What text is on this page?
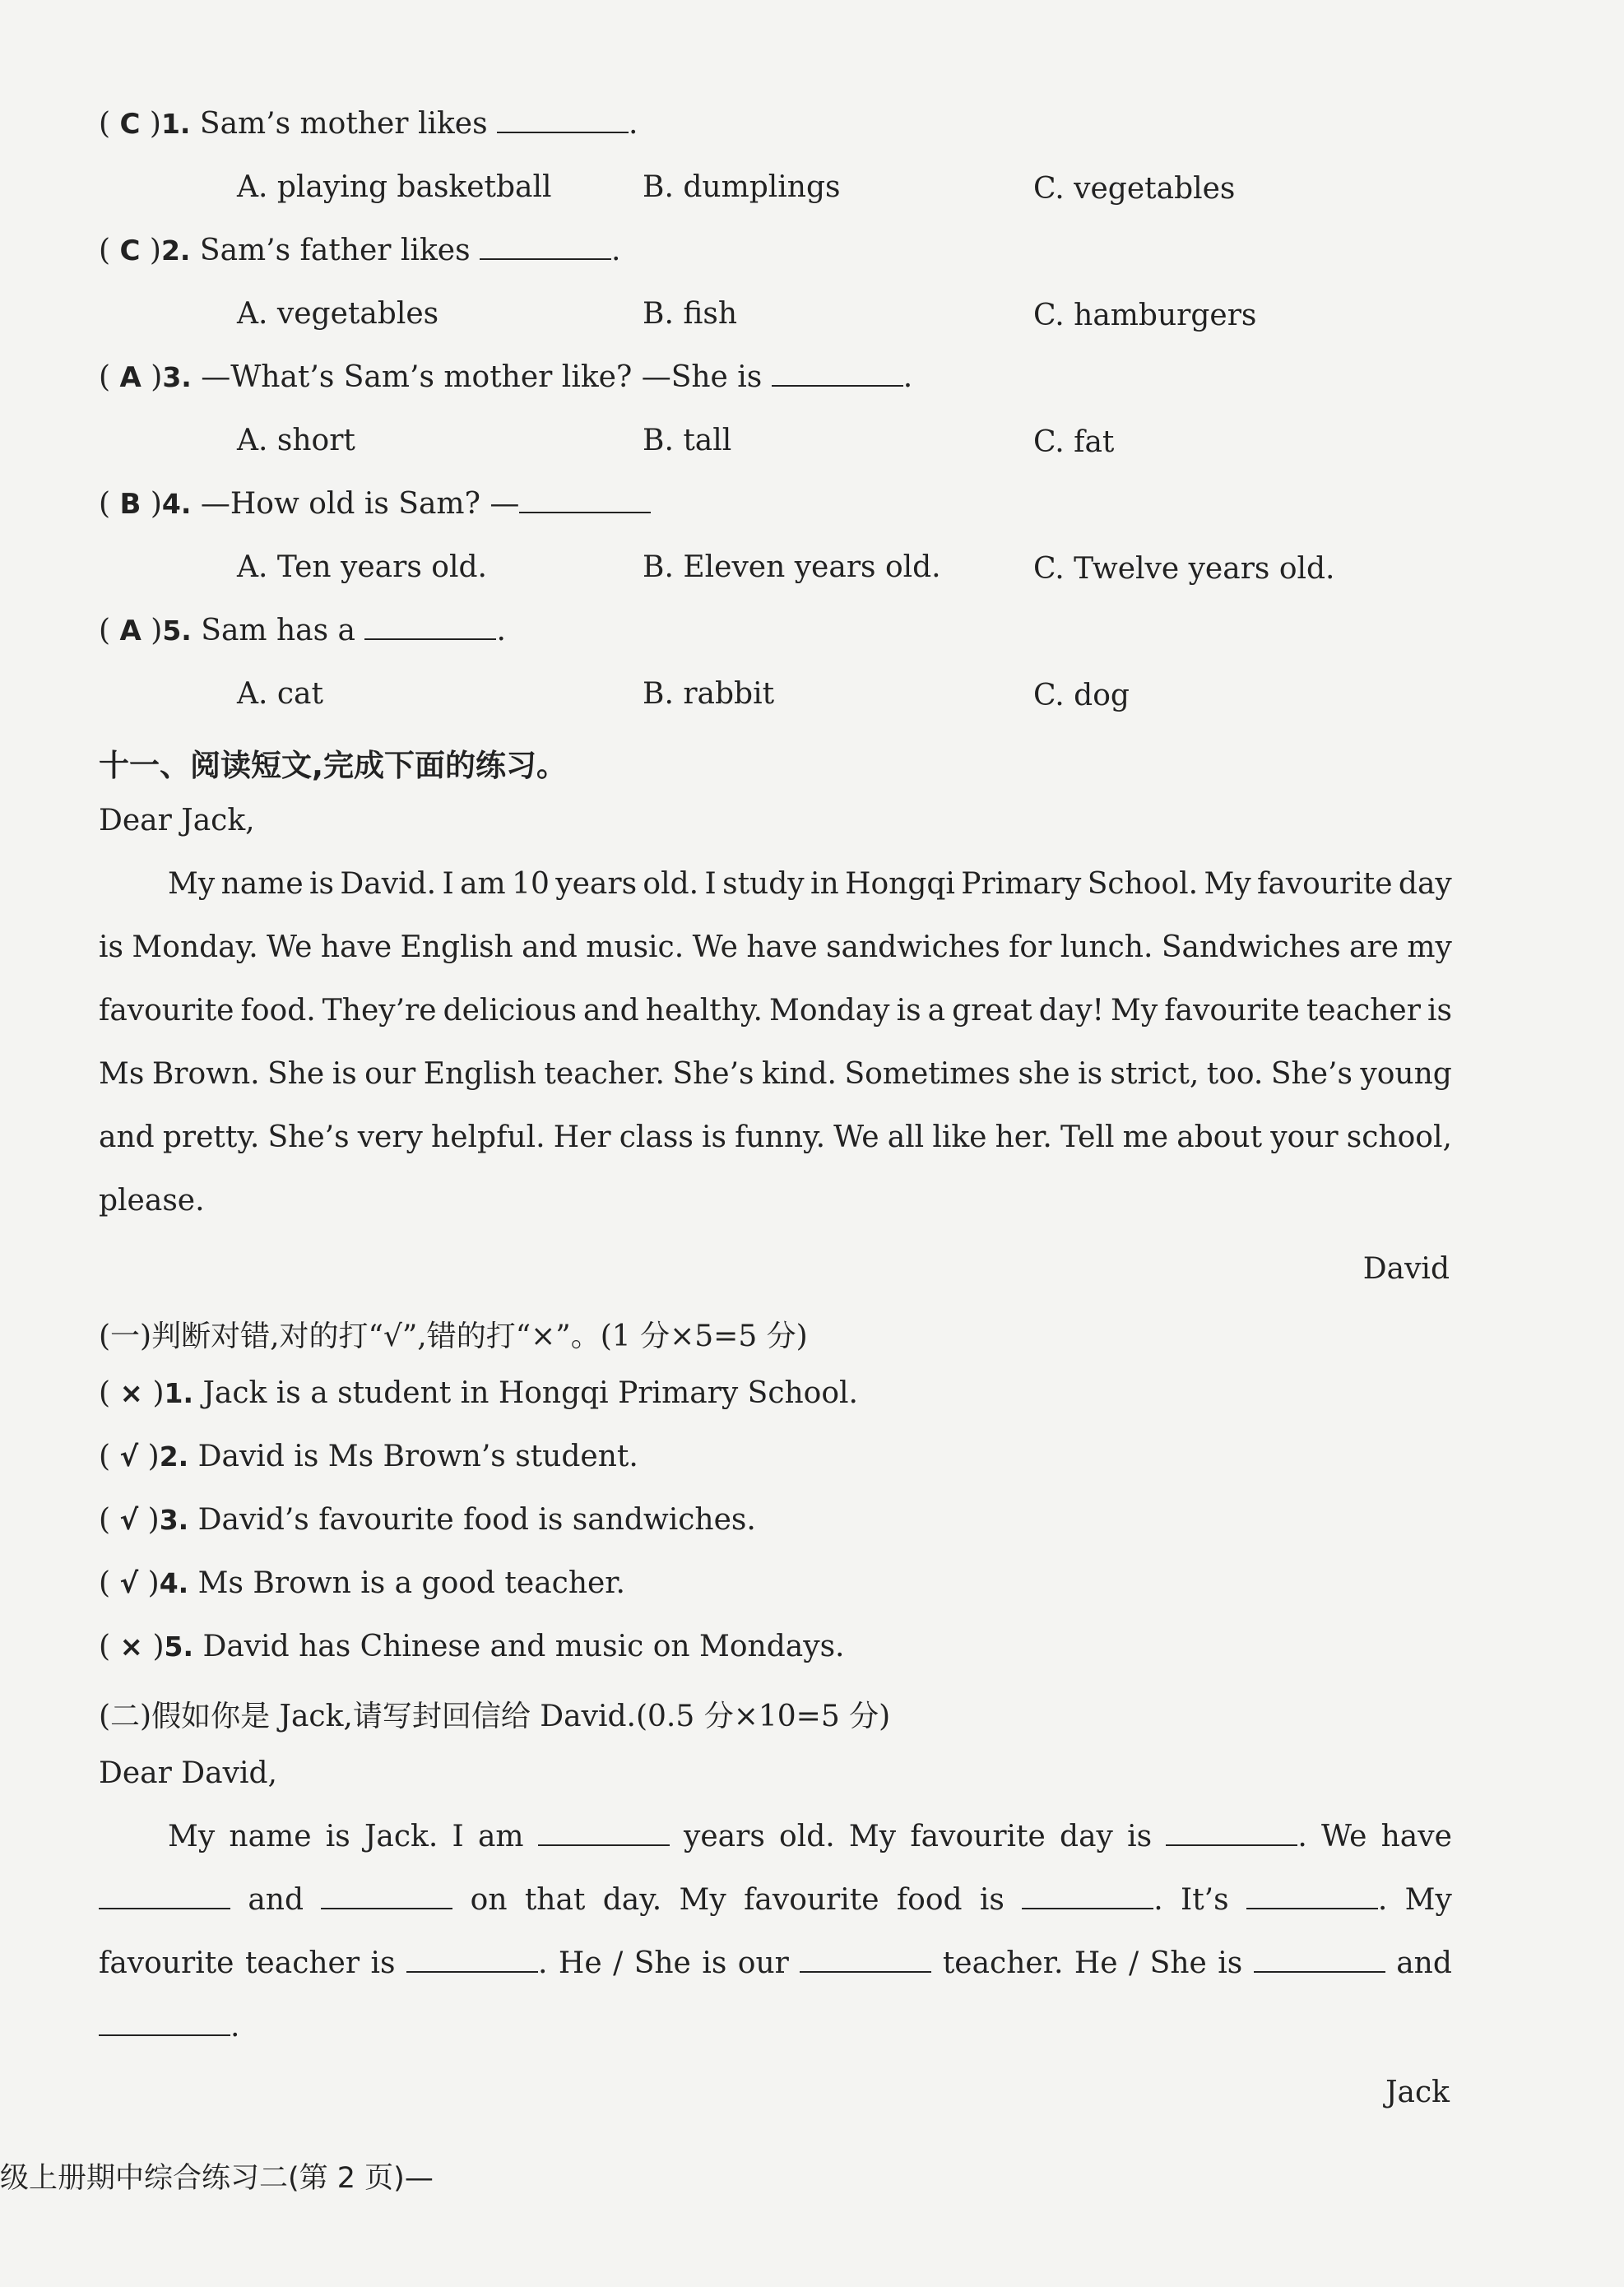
( C )1. Sam’s mother likes	.
A. playing basketball	B. dumplings	C. vegetables
( C )2. Sam’s father likes	.
A. vegetables	B. fish	C. hamburgers
( A )3. —What’s Sam’s mother like? —She is	.
A. short	B. tall	C. fat
( B )4. —How old is Sam? —
A. Ten years old.	B. Eleven years old.	C. Twelve years old.
( A )5. Sam has a	.
A. cat	B. rabbit	C. dog
十一、阅读短文,完成下面的练习。
Dear Jack,
My name is David. I am 10 years old. I study in Hongqi Primary School. My favourite day
is Monday. We have English and music. We have sandwiches for lunch. Sandwiches are my
favourite food. They’re delicious and healthy. Monday is a great day! My favourite teacher is
Ms Brown. She is our English teacher. She’s kind. Sometimes she is strict, too. She’s young
and pretty. She’s very helpful. Her class is funny. We all like her. Tell me about your school,
please.
David
(一)判断对错,对的打“√”,错的打“×”。(1 分×5=5 分)
( × )1. Jack is a student in Hongqi Primary School.
( √ )2. David is Ms Brown’s student.
( √ )3. David’s favourite food is sandwiches.
( √ )4. Ms Brown is a good teacher.
( × )5. David has Chinese and music on Mondays.
(二)假如你是 Jack,请写封回信给 David.(0.5 分×10=5 分)
Dear David,
My name is Jack. I am	years old. My favourite day is	. We have
and	on that day. My favourite food is	. It’s	. My
favourite teacher is	. He / She is our	teacher. He / She is	and
.
Jack
级上册期中综合练习二(第 2 页)—
